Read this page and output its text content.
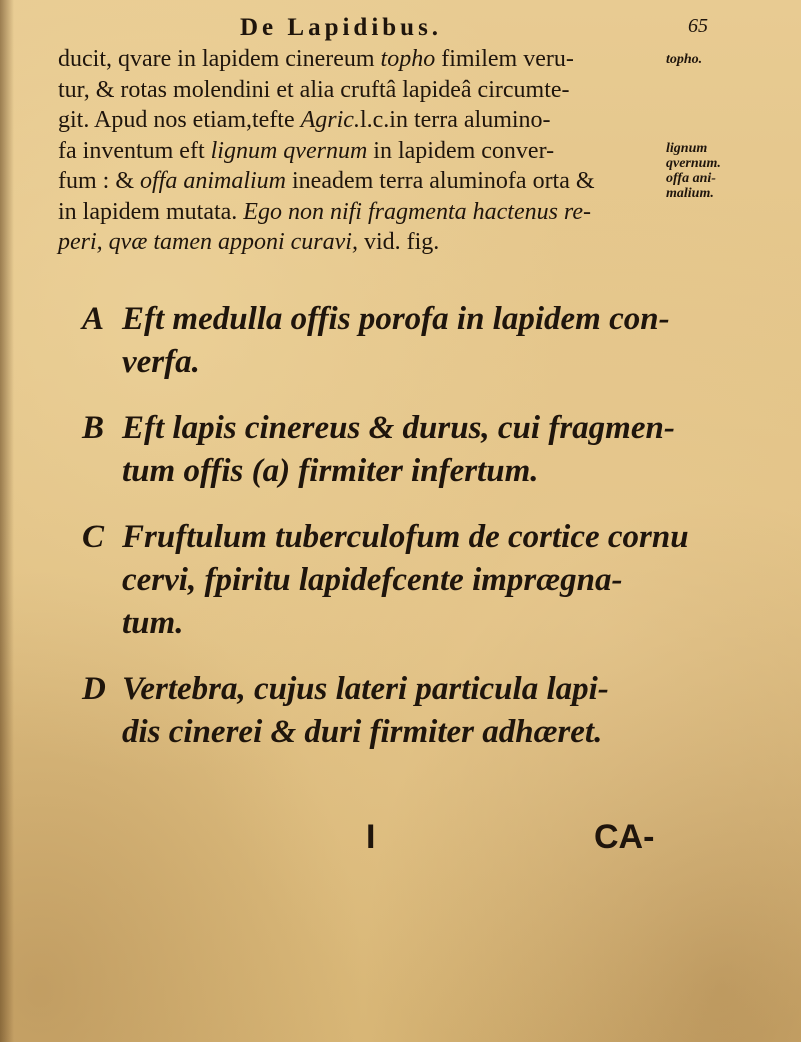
De Lapidibus.	65
ducit, qvare in lapidem cinereum topho fimilem veru-
tur, & rotas molendini et alia cruftâ lapideâ circumte-
git. Apud nos etiam,tefte Agric.l.c.in terra alumino-
fa inventum eft lignum qvernum in lapidem conver-
fum : & offa animalium ineadem terra aluminofa orta &
in lapidem mutata. Ego non nifi fragmenta hactenus re-
peri, qvæ tamen apponi curavi, vid. fig.
topho.
lignum
qvernum.
offa ani-
malium.
A Eft medulla offis porofa in lapidem con-
verfa.
B Eft lapis cinereus & durus, cui fragmen-
tum offis (a) firmiter infertum.
C Fruftulum tuberculofum de cortice cornu
cervi, fpiritu lapidefcente imprægna-
tum.
D Vertebra, cujus lateri particula lapi-
dis cinerei & duri firmiter adhæret.
I	CA-
